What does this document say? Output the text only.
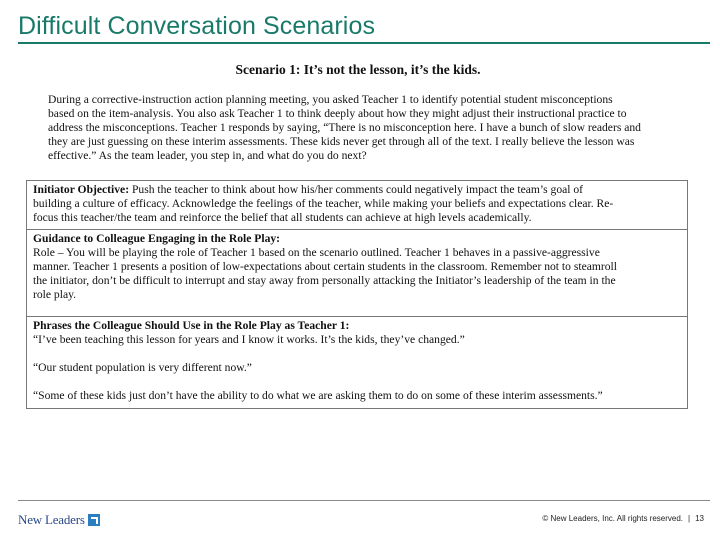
Difficult Conversation Scenarios
Scenario 1: It’s not the lesson, it’s the kids.
During a corrective-instruction action planning meeting, you asked Teacher 1 to identify potential student misconceptions
based on the item-analysis. You also ask Teacher 1 to think deeply about how they might adjust their instructional practice to
address the misconceptions. Teacher 1 responds by saying, “There is no misconception here. I have a bunch of slow readers and
they are just guessing on these interim assessments. These kids never get through all of the text. I really believe the lesson was
effective.” As the team leader, you step in, and what do you do next?
Initiator Objective: Push the teacher to think about how his/her comments could negatively impact the team’s goal of
building a culture of efficacy. Acknowledge the feelings of the teacher, while making your beliefs and expectations clear. Re-
focus this teacher/the team and reinforce the belief that all students can achieve at high levels academically.
Guidance to Colleague Engaging in the Role Play:
Role – You will be playing the role of Teacher 1 based on the scenario outlined. Teacher 1 behaves in a passive-aggressive
manner. Teacher 1 presents a position of low-expectations about certain students in the classroom. Remember not to steamroll
the initiator, don’t be difficult to interrupt and stay away from personally attacking the Initiator’s leadership of the team in the
role play.
Phrases the Colleague Should Use in the Role Play as Teacher 1:
“I’ve been teaching this lesson for years and I know it works. It’s the kids, they’ve changed.”
“Our student population is very different now.”
“Some of these kids just don’t have the ability to do what we are asking them to do on some of these interim assessments.”
New Leaders	© New Leaders, Inc. All rights reserved. | 13
